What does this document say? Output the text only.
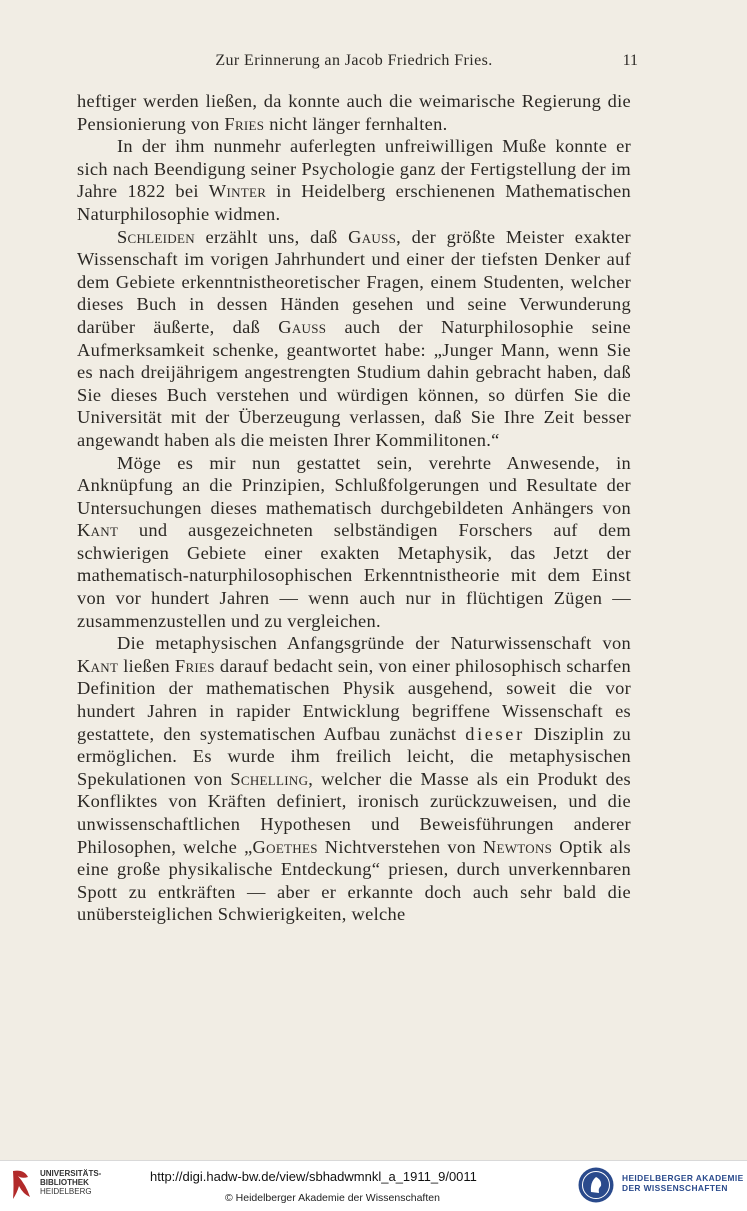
Zur Erinnerung an Jacob Friedrich Fries.	11

heftiger werden ließen, da konnte auch die weimarische Regierung die Pensionierung von Fries nicht länger fernhalten.

In der ihm nunmehr auferlegten unfreiwilligen Muße konnte er sich nach Beendigung seiner Psychologie ganz der Fertigstellung der im Jahre 1822 bei Winter in Heidelberg erschienenen Mathematischen Naturphilosophie widmen.

Schleiden erzählt uns, daß Gauss, der größte Meister exakter Wissenschaft im vorigen Jahrhundert und einer der tiefsten Denker auf dem Gebiete erkenntnistheoretischer Fragen, einem Studenten, welcher dieses Buch in dessen Händen gesehen und seine Verwunderung darüber äußerte, daß Gauss auch der Naturphilosophie seine Aufmerksamkeit schenke, geantwortet habe: „Junger Mann, wenn Sie es nach dreijährigem angestrengten Studium dahin gebracht haben, daß Sie dieses Buch verstehen und würdigen können, so dürfen Sie die Universität mit der Überzeugung verlassen, daß Sie Ihre Zeit besser angewandt haben als die meisten Ihrer Kommilitonen.“

Möge es mir nun gestattet sein, verehrte Anwesende, in Anknüpfung an die Prinzipien, Schlußfolgerungen und Resultate der Untersuchungen dieses mathematisch durchgebildeten Anhängers von Kant und ausgezeichneten selbständigen Forschers auf dem schwierigen Gebiete einer exakten Metaphysik, das Jetzt der mathematisch-naturphilosophischen Erkenntnistheorie mit dem Einst von vor hundert Jahren — wenn auch nur in flüchtigen Zügen — zusammenzustellen und zu vergleichen.

Die metaphysischen Anfangsgründe der Naturwissenschaft von Kant ließen Fries darauf bedacht sein, von einer philosophisch scharfen Definition der mathematischen Physik ausgehend, soweit die vor hundert Jahren in rapider Entwicklung begriffene Wissenschaft es gestattete, den systematischen Aufbau zunächst dieser Disziplin zu ermöglichen. Es wurde ihm freilich leicht, die metaphysischen Spekulationen von Schelling, welcher die Masse als ein Produkt des Konfliktes von Kräften definiert, ironisch zurückzuweisen, und die unwissenschaftlichen Hypothesen und Beweisführungen anderer Philosophen, welche „Goethes Nichtverstehen von Newtons Optik als eine große physikalische Entdeckung“ priesen, durch unverkennbaren Spott zu entkräften — aber er erkannte doch auch sehr bald die unübersteiglichen Schwierigkeiten, welche

UNIVERSITÄTS-
BIBLIOTHEK
HEIDELBERG
http://digi.hadw-bw.de/view/sbhadwmnkl_a_1911_9/0011
© Heidelberger Akademie der Wissenschaften
HEIDELBERGER AKADEMIE
DER WISSENSCHAFTEN
